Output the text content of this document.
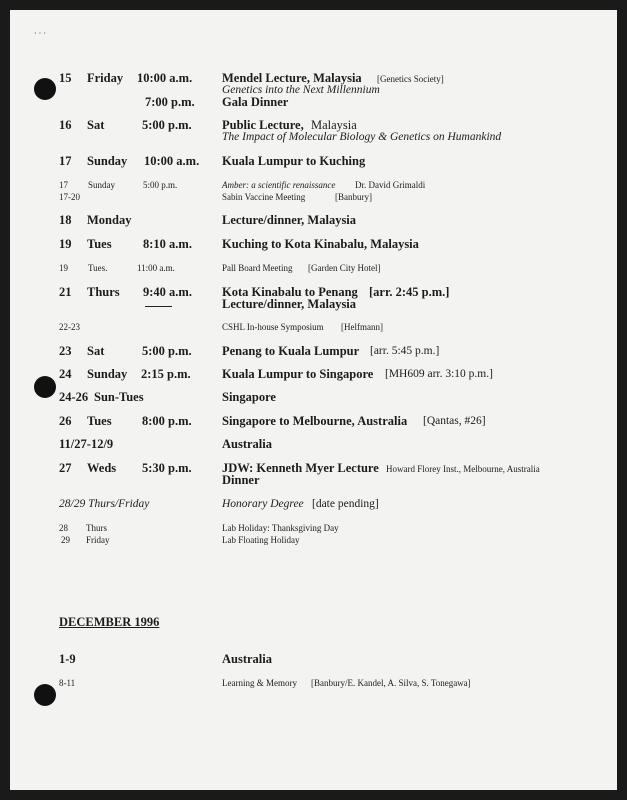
· · ·
15 Friday 10:00 a.m. Mendel Lecture, Malaysia [Genetics Society]
Genetics into the Next Millennium
7:00 p.m. Gala Dinner
16 Sat	5:00 p.m. Public Lecture, Malaysia
The Impact of Molecular Biology & Genetics on Humankind
17 Sunday 10:00 a.m. Kuala Lumpur to Kuching
17 Sunday	5:00 p.m.	Amber: a scientific renaissance Dr. David Grimaldi
17-20	Sabin Vaccine Meeting	[Banbury]
18 Monday	Lecture/dinner, Malaysia
19 Tues	8:10 a.m. Kuching to Kota Kinabalu, Malaysia
19 Tues.	11:00 a.m.	Pall Board Meeting [Garden City Hotel]
21 Thurs 9:40 a.m. Kota Kinabalu to Penang [arr. 2:45 p.m.]
Lecture/dinner, Malaysia
22-23	CSHL In-house Symposium [Helfmann]
23 Sat	5:00 p.m. Penang to Kuala Lumpur [arr. 5:45 p.m.]
24 Sunday 2:15 p.m.	Kuala Lumpur to Singapore [MH609 arr. 3:10 p.m.]
24-26 Sun-Tues	Singapore
26 Tues 8:00 p.m. Singapore to Melbourne, Australia [Qantas, #26]
11/27-12/9	Australia
27 Weds 5:30 p.m. JDW: Kenneth Myer Lecture Howard Florey Inst., Melbourne, Australia
Dinner
28/29 Thurs/Friday	Honorary Degree [date pending]
28 Thurs	Lab Holiday: Thanksgiving Day
29 Friday	Lab Floating Holiday
DECEMBER 1996
1-9	Australia
8-11	Learning & Memory [Banbury/E. Kandel, A. Silva, S. Tonegawa]
